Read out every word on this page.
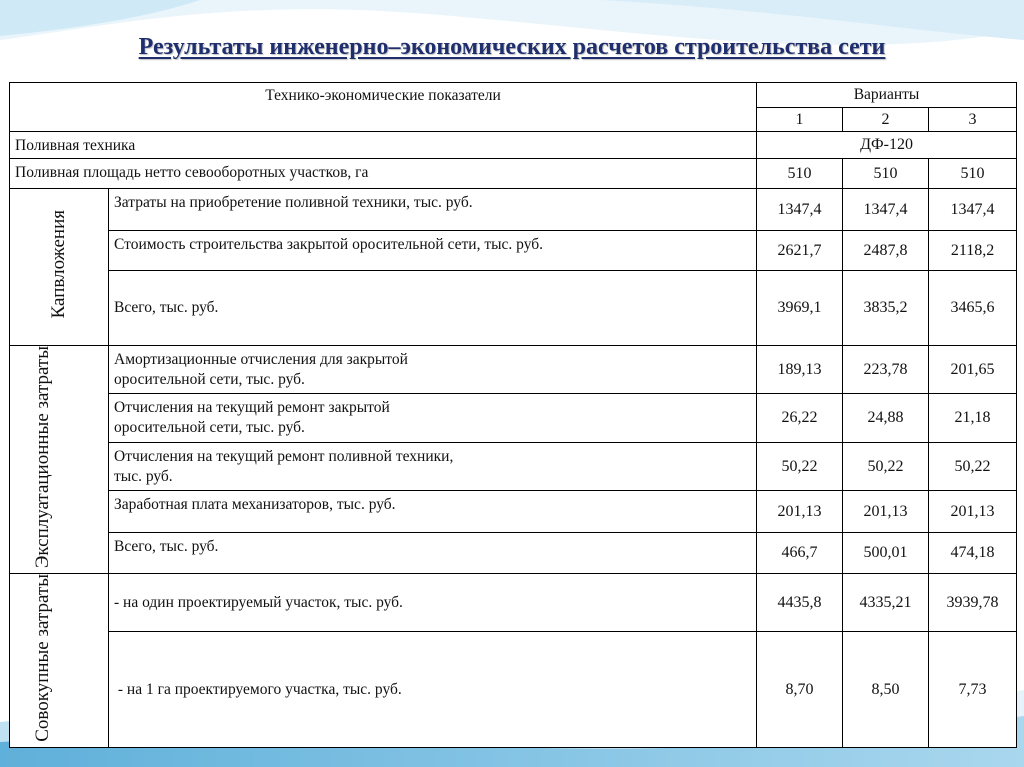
Результаты инженерно–экономических расчетов строительства сети
Технико-экономические показатели		Варианты		
		1	2	3
Поливная техника		ДФ-120		
Поливная площадь нетто севооборотных участков, га		510	510	510
Капвложения	Затраты на приобретение поливной техники, тыс. руб.	1347,4	1347,4	1347,4
	Стоимость строительства закрытой оросительной сети, тыс. руб.	2621,7	2487,8	2118,2
	Всего, тыс. руб.	3969,1	3835,2	3465,6
Эксплуатационные затраты	Амортизационные отчисления для закрытой
оросительной сети, тыс. руб.	189,13	223,78	201,65
	Отчисления на текущий ремонт закрытой
оросительной сети, тыс. руб.	26,22	24,88	21,18
	Отчисления на текущий ремонт поливной техники,
тыс. руб.	50,22	50,22	50,22
	Заработная плата механизаторов, тыс. руб.	201,13	201,13	201,13
	Всего, тыс. руб.	466,7	500,01	474,18
Совокупные затраты	- на один проектируемый участок, тыс. руб.	4435,8	4335,21	3939,78
	- на 1 га проектируемого участка, тыс. руб.	8,70	8,50	7,73
